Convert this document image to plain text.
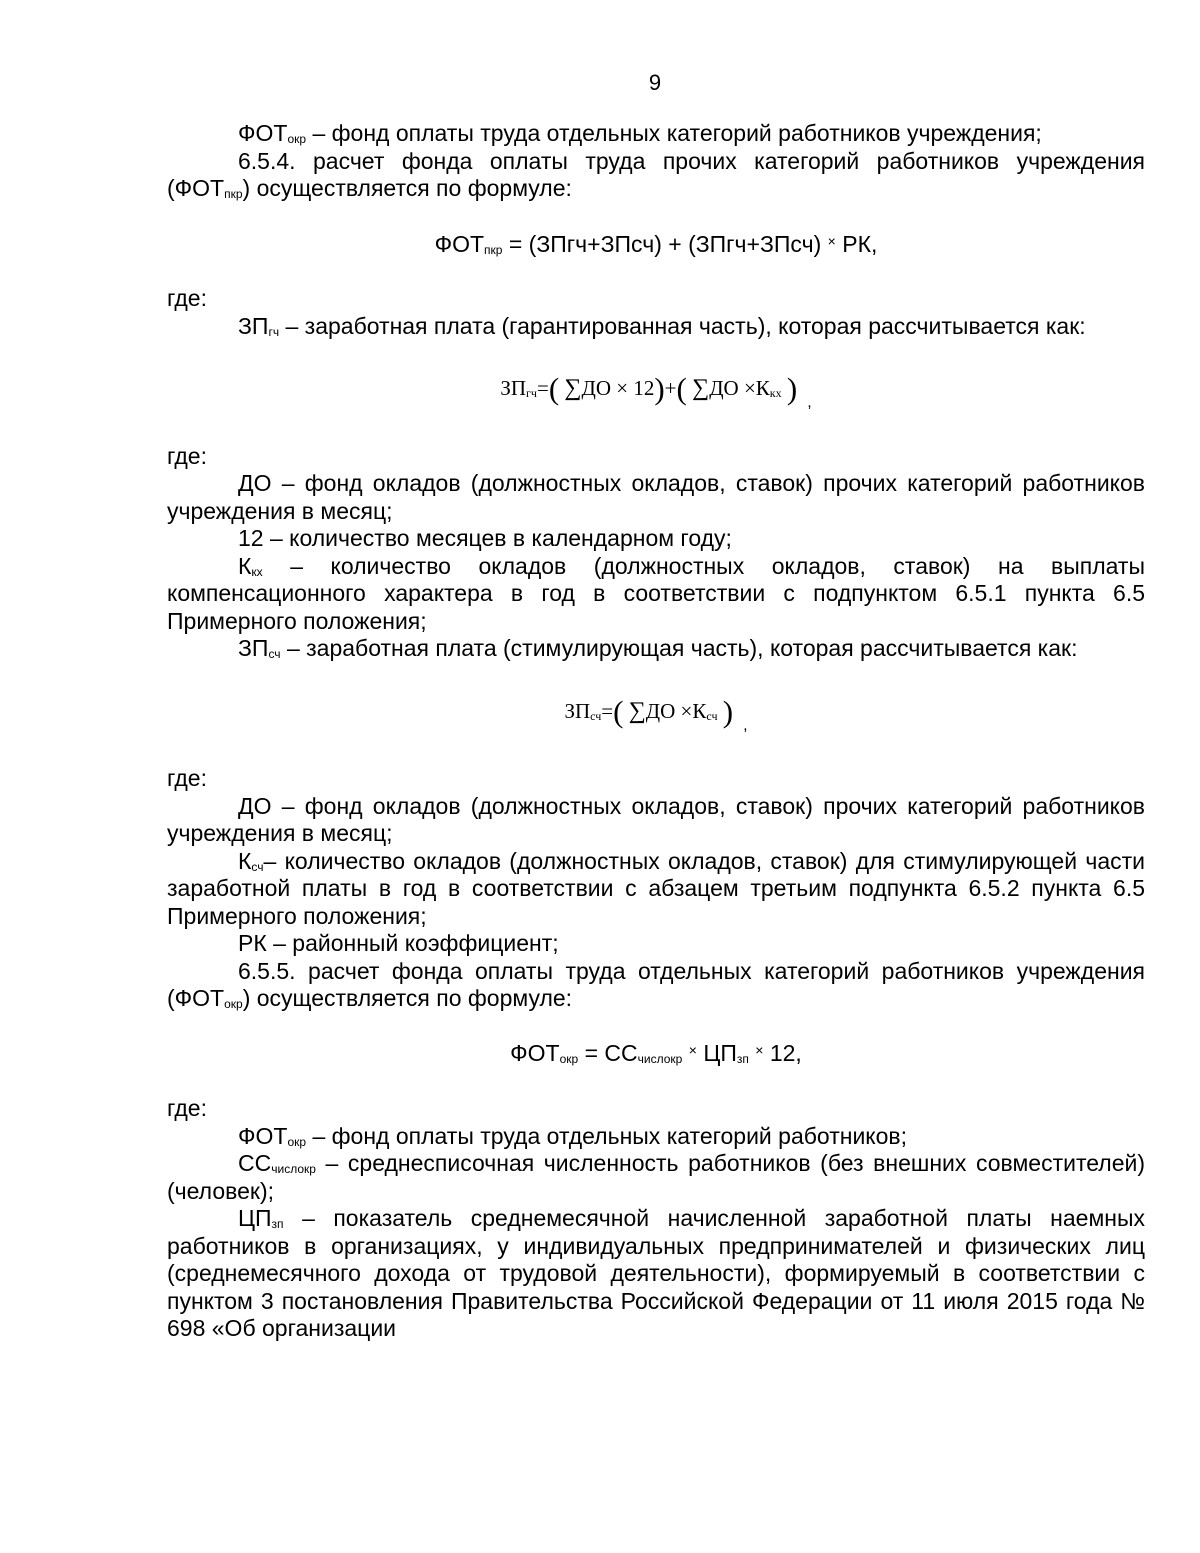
9

$ФОТ_{окр}$ – фонд оплаты труда отдельных категорий работников учреждения;

6.5.4. расчет фонда оплаты труда прочих категорий работников учреждения $(ФОТ_{пкр})$ осуществляется по формуле:

$ФОТ_{пкр}$ = (ЗПгч+ЗПсч) + (ЗПгч+ЗПсч) × РК,

где:

$ЗП_{гч}$ – заработная плата (гарантированная часть), которая рассчитывается как:

$ЗП_{гч}=$( ∑ДО × 12)+( $\sum ДО \times К_{кх}$ ) $_,$

где:

ДО – фонд окладов (должностных окладов, ставок) прочих категорий работников учреждения в месяц;

12 – количество месяцев в календарном году;

$К_{кх}$ – количество окладов (должностных окладов, ставок) на выплаты компенсационного характера в год в соответствии с подпунктом 6.5.1 пункта 6.5 Примерного положения;

$ЗП_{сч}$ – заработная плата (стимулирующая часть), которая рассчитывается как:

$ЗП_{сч}=$( $\sum ДО \times К_{сч}$ ) $_,$

где:

ДО – фонд окладов (должностных окладов, ставок) прочих категорий работников учреждения в месяц;

$К_{сч}-$ количество окладов (должностных окладов, ставок) для стимулирующей части заработной платы в год в соответствии с абзацем третьим подпункта 6.5.2 пункта 6.5 Примерного положения;

РК – районный коэффициент;

6.5.5. расчет фонда оплаты труда отдельных категорий работников учреждения $(ФОТ_{окр})$ осуществляется по формуле:

$ФОТ_{окр} = СС_{числокр}$ × $ЦП_{зп}$ × 12,

где:

$ФОТ_{окр}$ – фонд оплаты труда отдельных категорий работников;

$СС_{числокр}$ – среднесписочная численность работников (без внешних совместителей) (человек);

$ЦП_{зп}$ – показатель среднемесячной начисленной заработной платы наемных работников в организациях, у индивидуальных предпринимателей и физических лиц (среднемесячного дохода от трудовой деятельности), формируемый в соответствии с пунктом 3 постановления Правительства Российской Федерации от 11 июля 2015 года № 698 «Об организации
